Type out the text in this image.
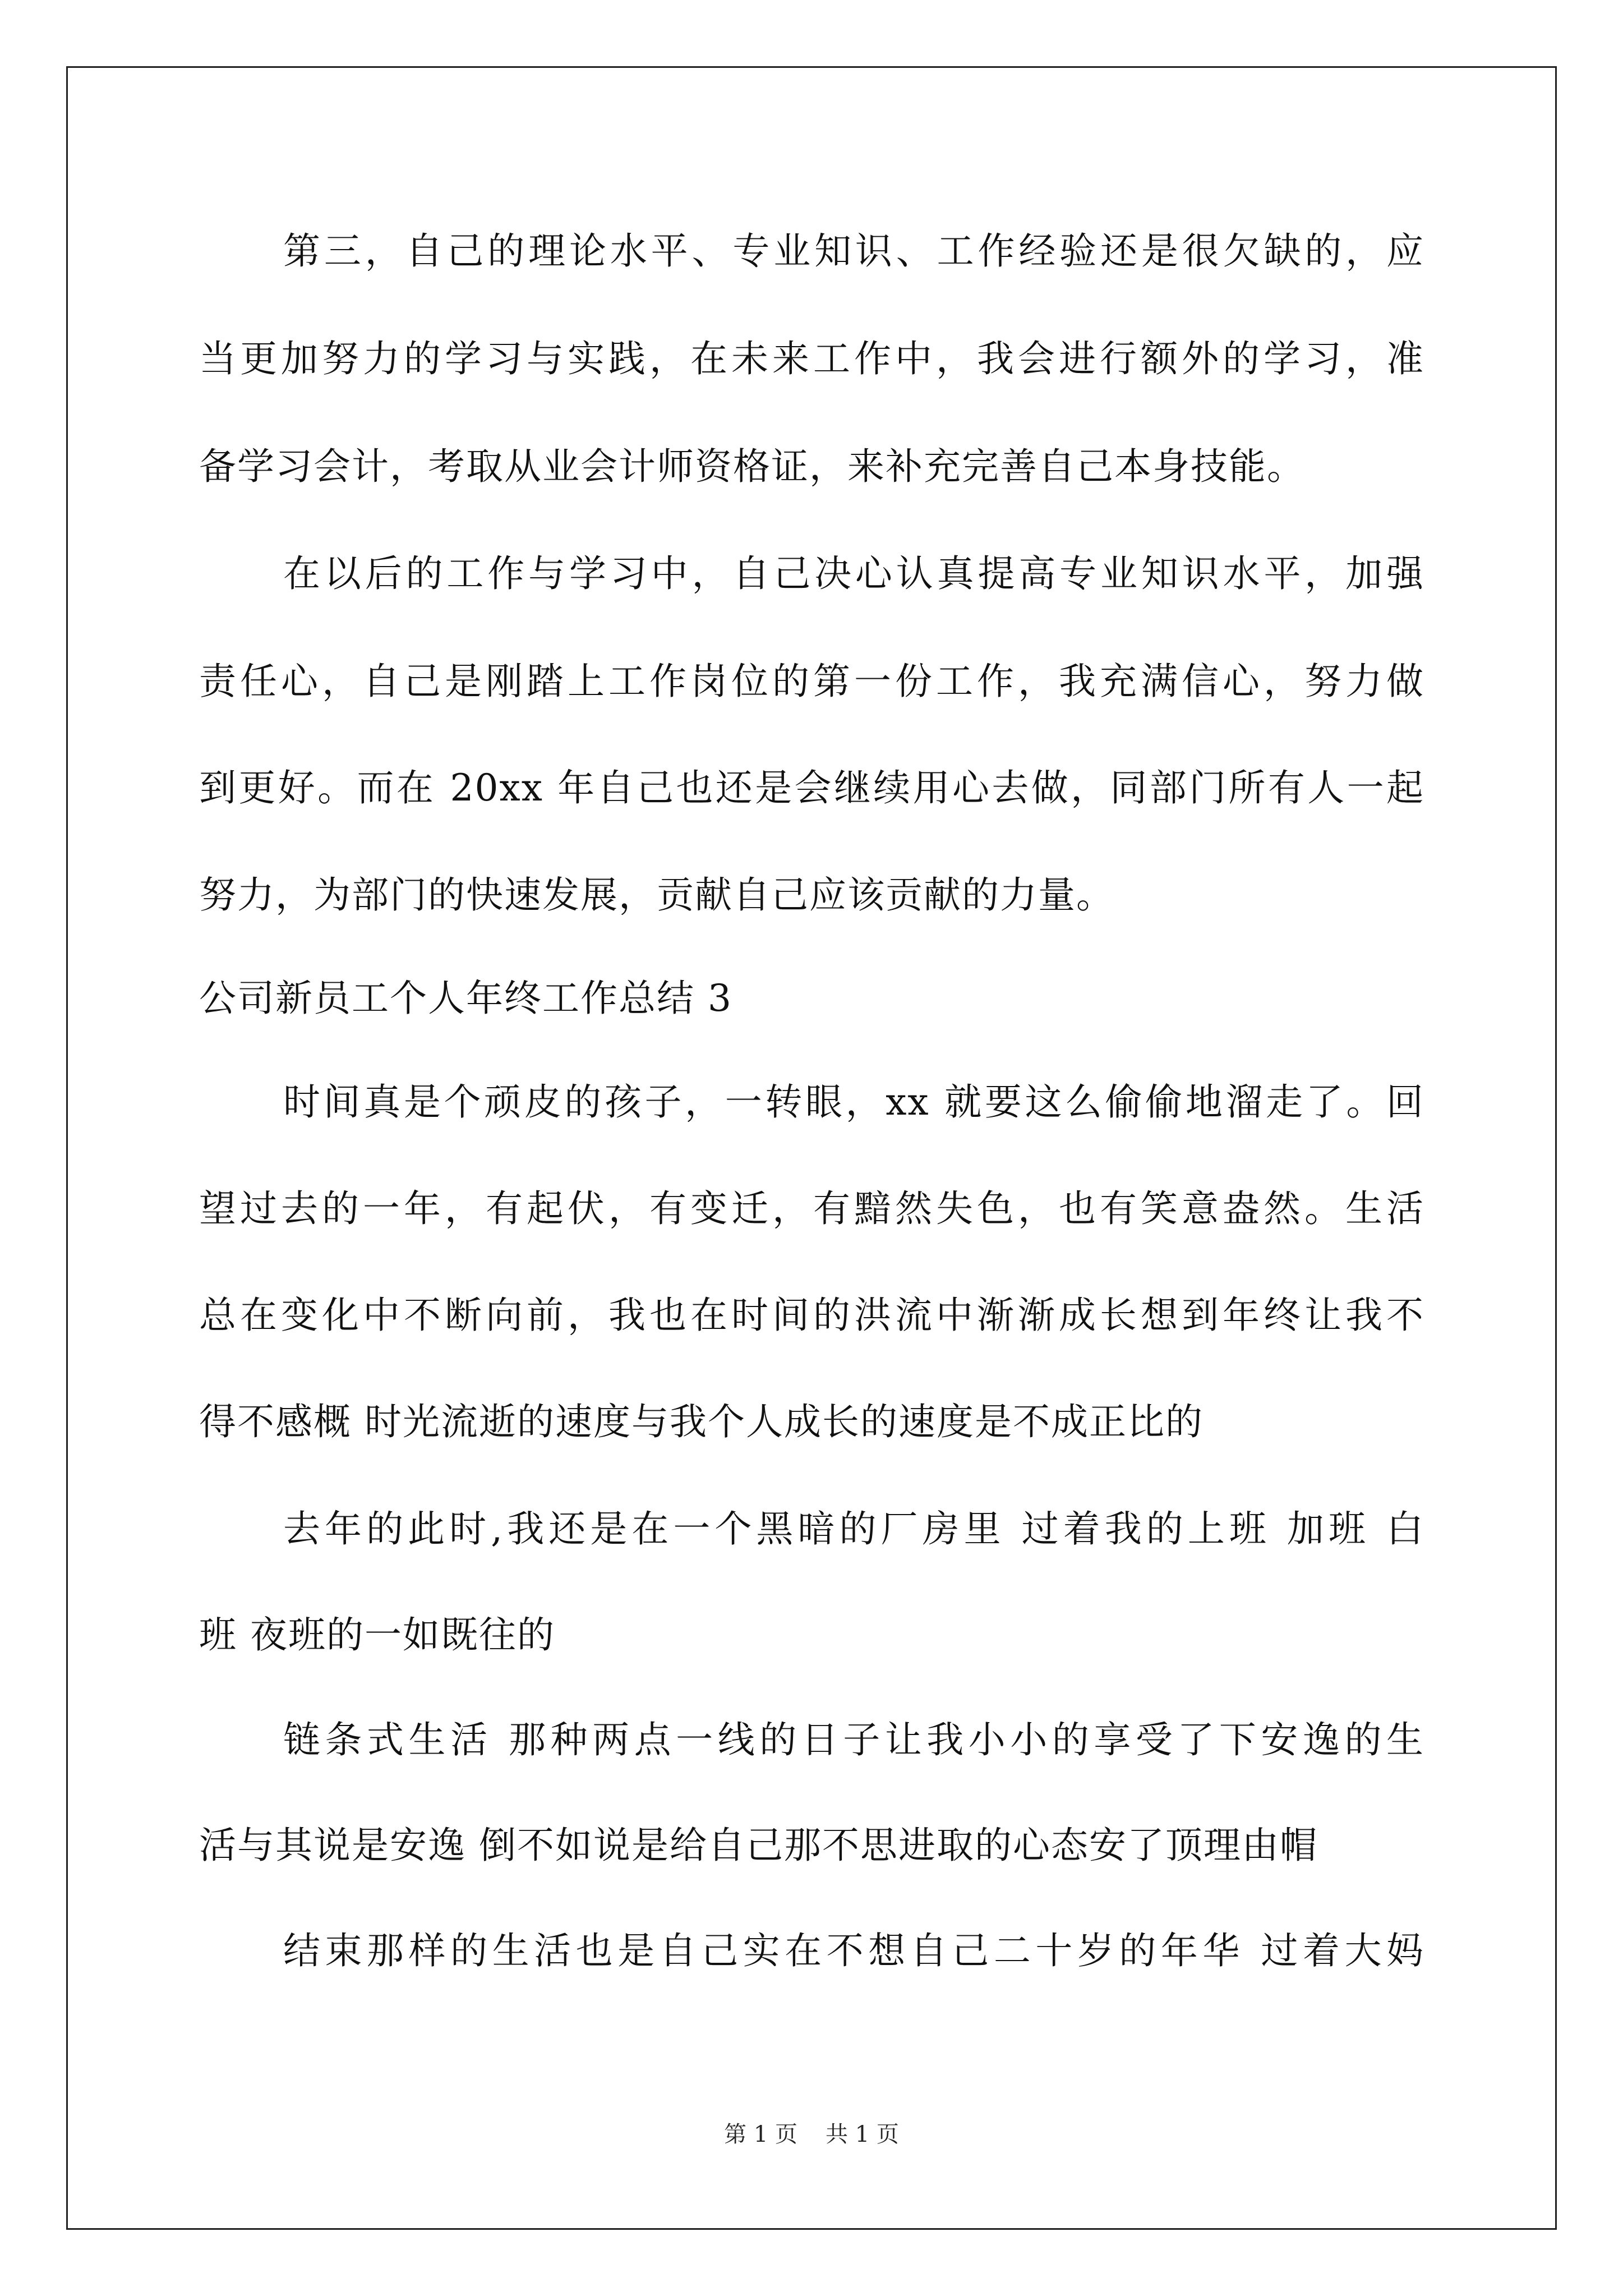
第三，自己的理论水平、专业知识、工作经验还是很欠缺的，应
当更加努力的学习与实践，在未来工作中，我会进行额外的学习，准
备学习会计，考取从业会计师资格证，来补充完善自己本身技能。
在以后的工作与学习中，自己决心认真提高专业知识水平，加强
责任心，自己是刚踏上工作岗位的第一份工作，我充满信心，努力做
到更好。而在 20xx 年自己也还是会继续用心去做，同部门所有人一起
努力，为部门的快速发展，贡献自己应该贡献的力量。
公司新员工个人年终工作总结 3
时间真是个顽皮的孩子，一转眼，xx 就要这么偷偷地溜走了。回
望过去的一年，有起伏，有变迁，有黯然失色，也有笑意盎然。生活
总在变化中不断向前，我也在时间的洪流中渐渐成长想到年终让我不
得不感概 时光流逝的速度与我个人成长的速度是不成正比的
去年的此时,我还是在一个黑暗的厂房里 过着我的上班 加班 白
班 夜班的一如既往的
链条式生活 那种两点一线的日子让我小小的享受了下安逸的生
活与其说是安逸 倒不如说是给自己那不思进取的心态安了顶理由帽
结束那样的生活也是自己实在不想自己二十岁的年华 过着大妈
第 1 页 共 1 页
